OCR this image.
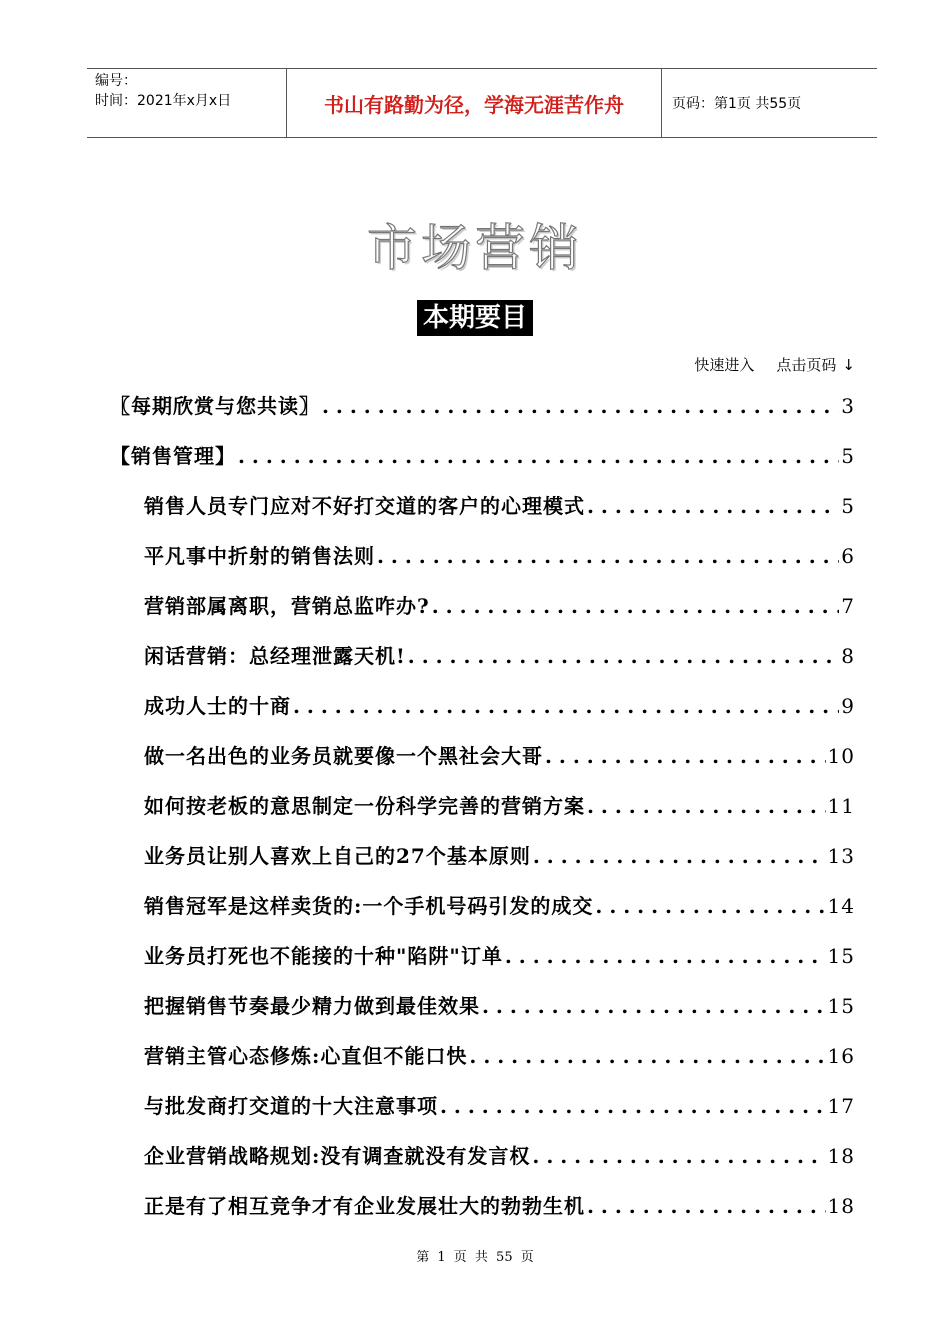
编号：
时间：2021年x月x日	书山有路勤为径，学海无涯苦作舟	页码：第1页 共55页
市场营销
本期要目
快速进入 点击页码 ↓
〖每期欣赏与您共读〗 . . .	3
【销售管理】 . . .	5
销售人员专门应对不好打交道的客户的心理模式 . . .	5
平凡事中折射的销售法则 . . .	6
营销部属离职，营销总监咋办? . . .	7
闲话营销：总经理泄露天机! . . .	8
成功人士的十商 . . .	9
做一名出色的业务员就要像一个黑社会大哥 . . .	10
如何按老板的意思制定一份科学完善的营销方案 . . .	11
业务员让别人喜欢上自己的27个基本原则 . . .	13
销售冠军是这样卖货的:一个手机号码引发的成交 . . .	14
业务员打死也不能接的十种"陷阱"订单 . . .	15
把握销售节奏最少精力做到最佳效果 . . .	15
营销主管心态修炼:心直但不能口快 . . .	16
与批发商打交道的十大注意事项 . . .	17
企业营销战略规划:没有调查就没有发言权 . . .	18
正是有了相互竞争才有企业发展壮大的勃勃生机 . . .	18
第 1 页 共 55 页
